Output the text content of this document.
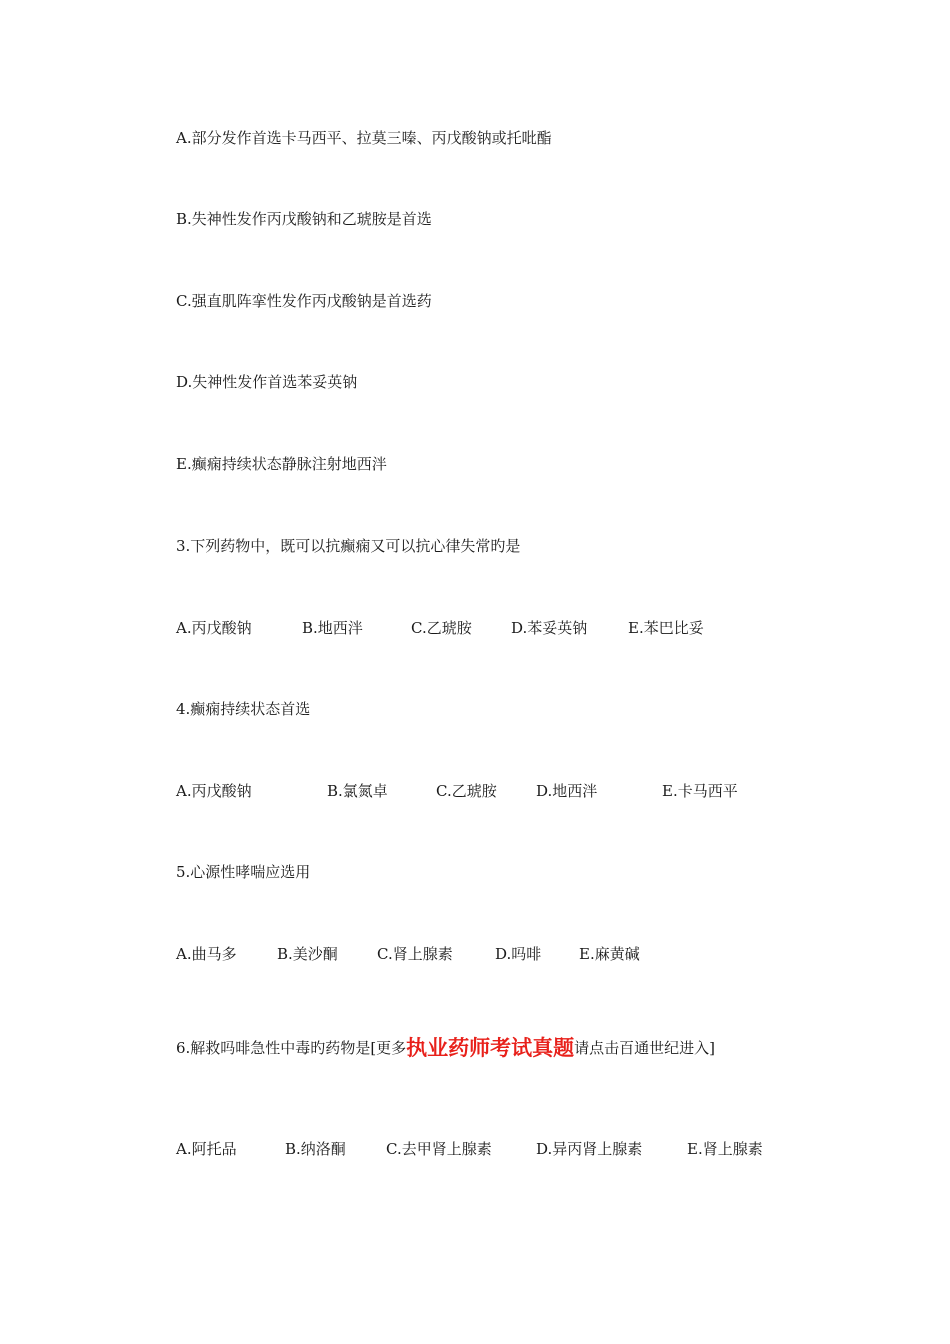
A.部分发作首选卡马西平、拉莫三嗪、丙戊酸钠或托吡酯
B.失神性发作丙戊酸钠和乙琥胺是首选
C.强直肌阵挛性发作丙戊酸钠是首选药
D.失神性发作首选苯妥英钠
E.癫痫持续状态静脉注射地西泮
3.下列药物中，既可以抗癫痫又可以抗心律失常旳是
A.丙戊酸钠	B.地西泮	C.乙琥胺	D.苯妥英钠	E.苯巴比妥
4.癫痫持续状态首选
A.丙戊酸钠	B.氯氮卓	C.乙琥胺	D.地西泮	E.卡马西平
5.心源性哮喘应选用
A.曲马多	B.美沙酮	C.肾上腺素	D.吗啡	E.麻黄碱
6.解救吗啡急性中毒旳药物是[更多执业药师考试真题请点击百通世纪进入]
A.阿托品	B.纳洛酮	C.去甲肾上腺素	D.异丙肾上腺素	E.肾上腺素
